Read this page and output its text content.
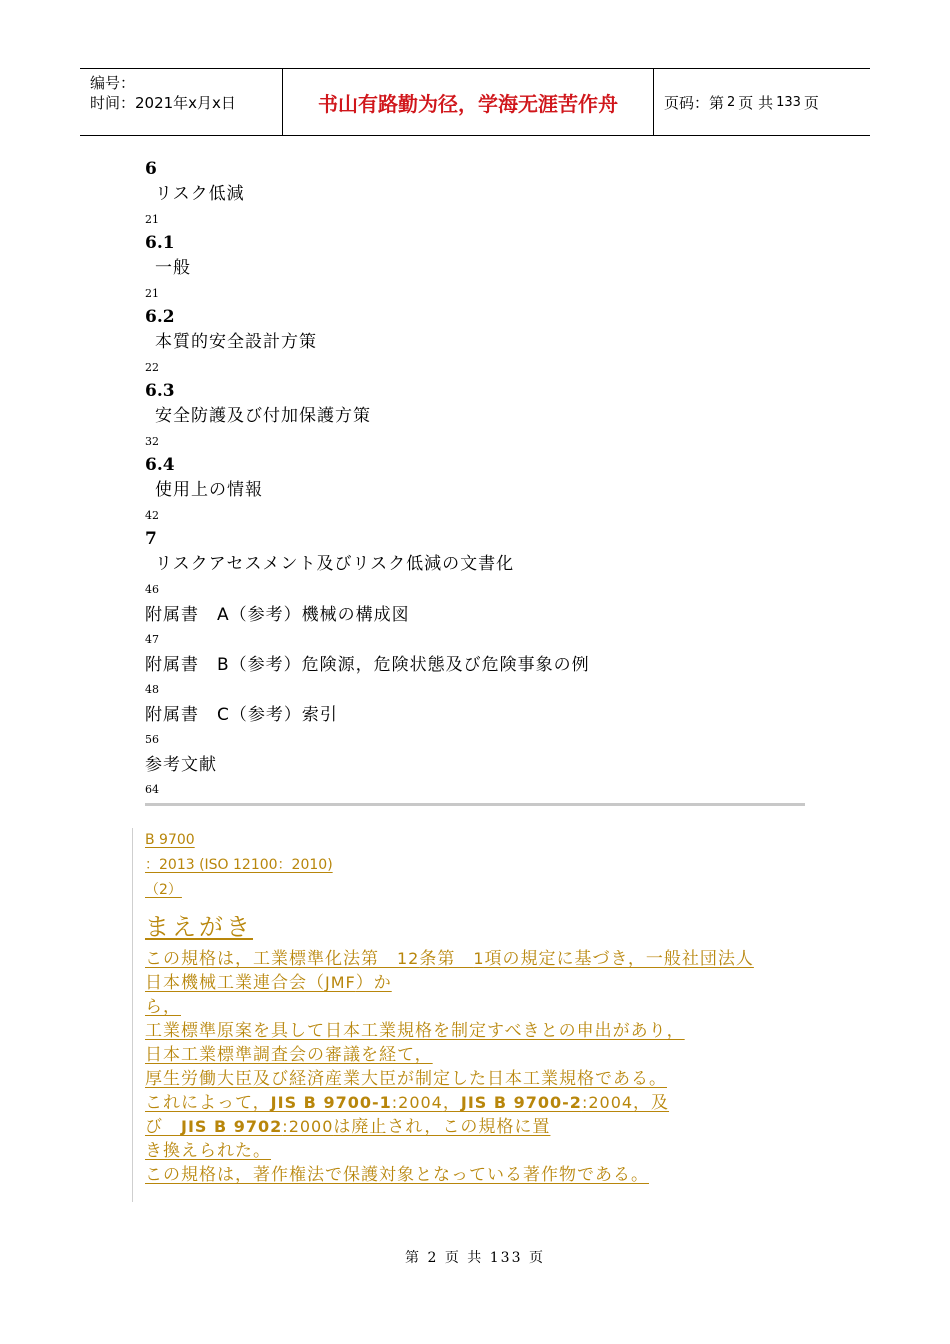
编号：
时间：2021年x月x日	书山有路勤为径，学海无涯苦作舟	页码：第 2 页 共 133 页
6
リスク低減
21
6.1
一般
21
6.2
本質的安全設計方策
22
6.3
安全防護及び付加保護方策
32
6.4
使用上の情報
42
7
リスクアセスメント及びリスク低減の文書化
46
附属書 A（参考）機械の構成図
47
附属書 B（参考）危険源，危険状態及び危険事象の例
48
附属書 C（参考）索引
56
参考文献
64
B 9700
：2013 (ISO 12100：2010)
（2）
まえがき
この規格は，工業標準化法第　12条第　1項の規定に基づき，一般社団法人
日本機械工業連合会（JMF）か
ら，
工業標準原案を具して日本工業規格を制定すべきとの申出があり，
日本工業標準調査会の審議を経て，
厚生労働大臣及び経済産業大臣が制定した日本工業規格である。
これによって，JIS B 9700-1:2004，JIS B 9700-2:2004，及
び　JIS B 9702:2000は廃止され，この規格に置
き換えられた。
この規格は，著作権法で保護対象となっている著作物である。
第 2 页 共 133 页
